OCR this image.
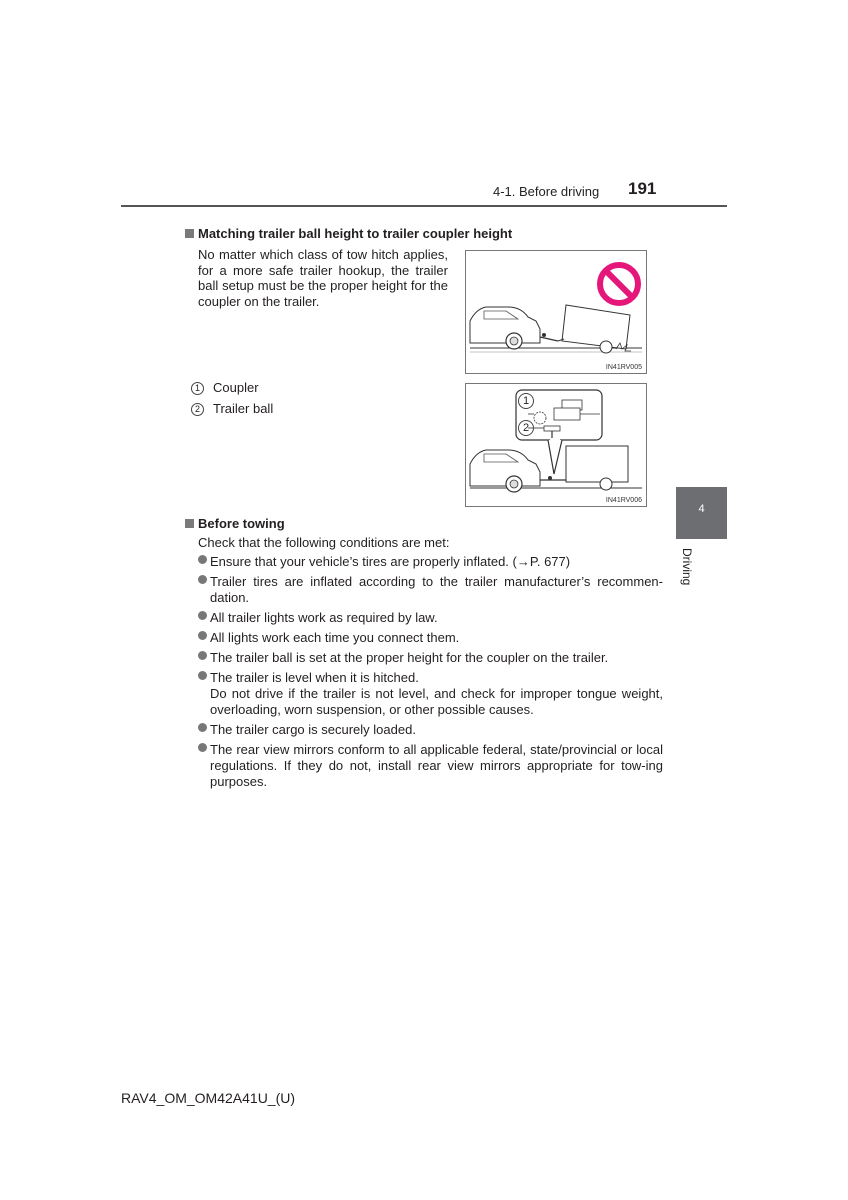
4-1. Before driving 191
4
Driving
Matching trailer ball height to trailer coupler height
No matter which class of tow hitch applies, for a more safe trailer hookup, the trailer ball setup must be the proper height for the coupler on the trailer.
IN41RV005
1 Coupler
2 Trailer ball	1
2
IN41RV006
Before towing
Check that the following conditions are met:
Ensure that your vehicle’s tires are properly inflated. (→P. 677)
Trailer tires are inflated according to the trailer manufacturer’s recommen-dation.
All trailer lights work as required by law.
All lights work each time you connect them.
The trailer ball is set at the proper height for the coupler on the trailer.
The trailer is level when it is hitched.
Do not drive if the trailer is not level, and check for improper tongue weight, overloading, worn suspension, or other possible causes.
The trailer cargo is securely loaded.
The rear view mirrors conform to all applicable federal, state/provincial or local regulations. If they do not, install rear view mirrors appropriate for tow-ing purposes.
RAV4_OM_OM42A41U_(U)
